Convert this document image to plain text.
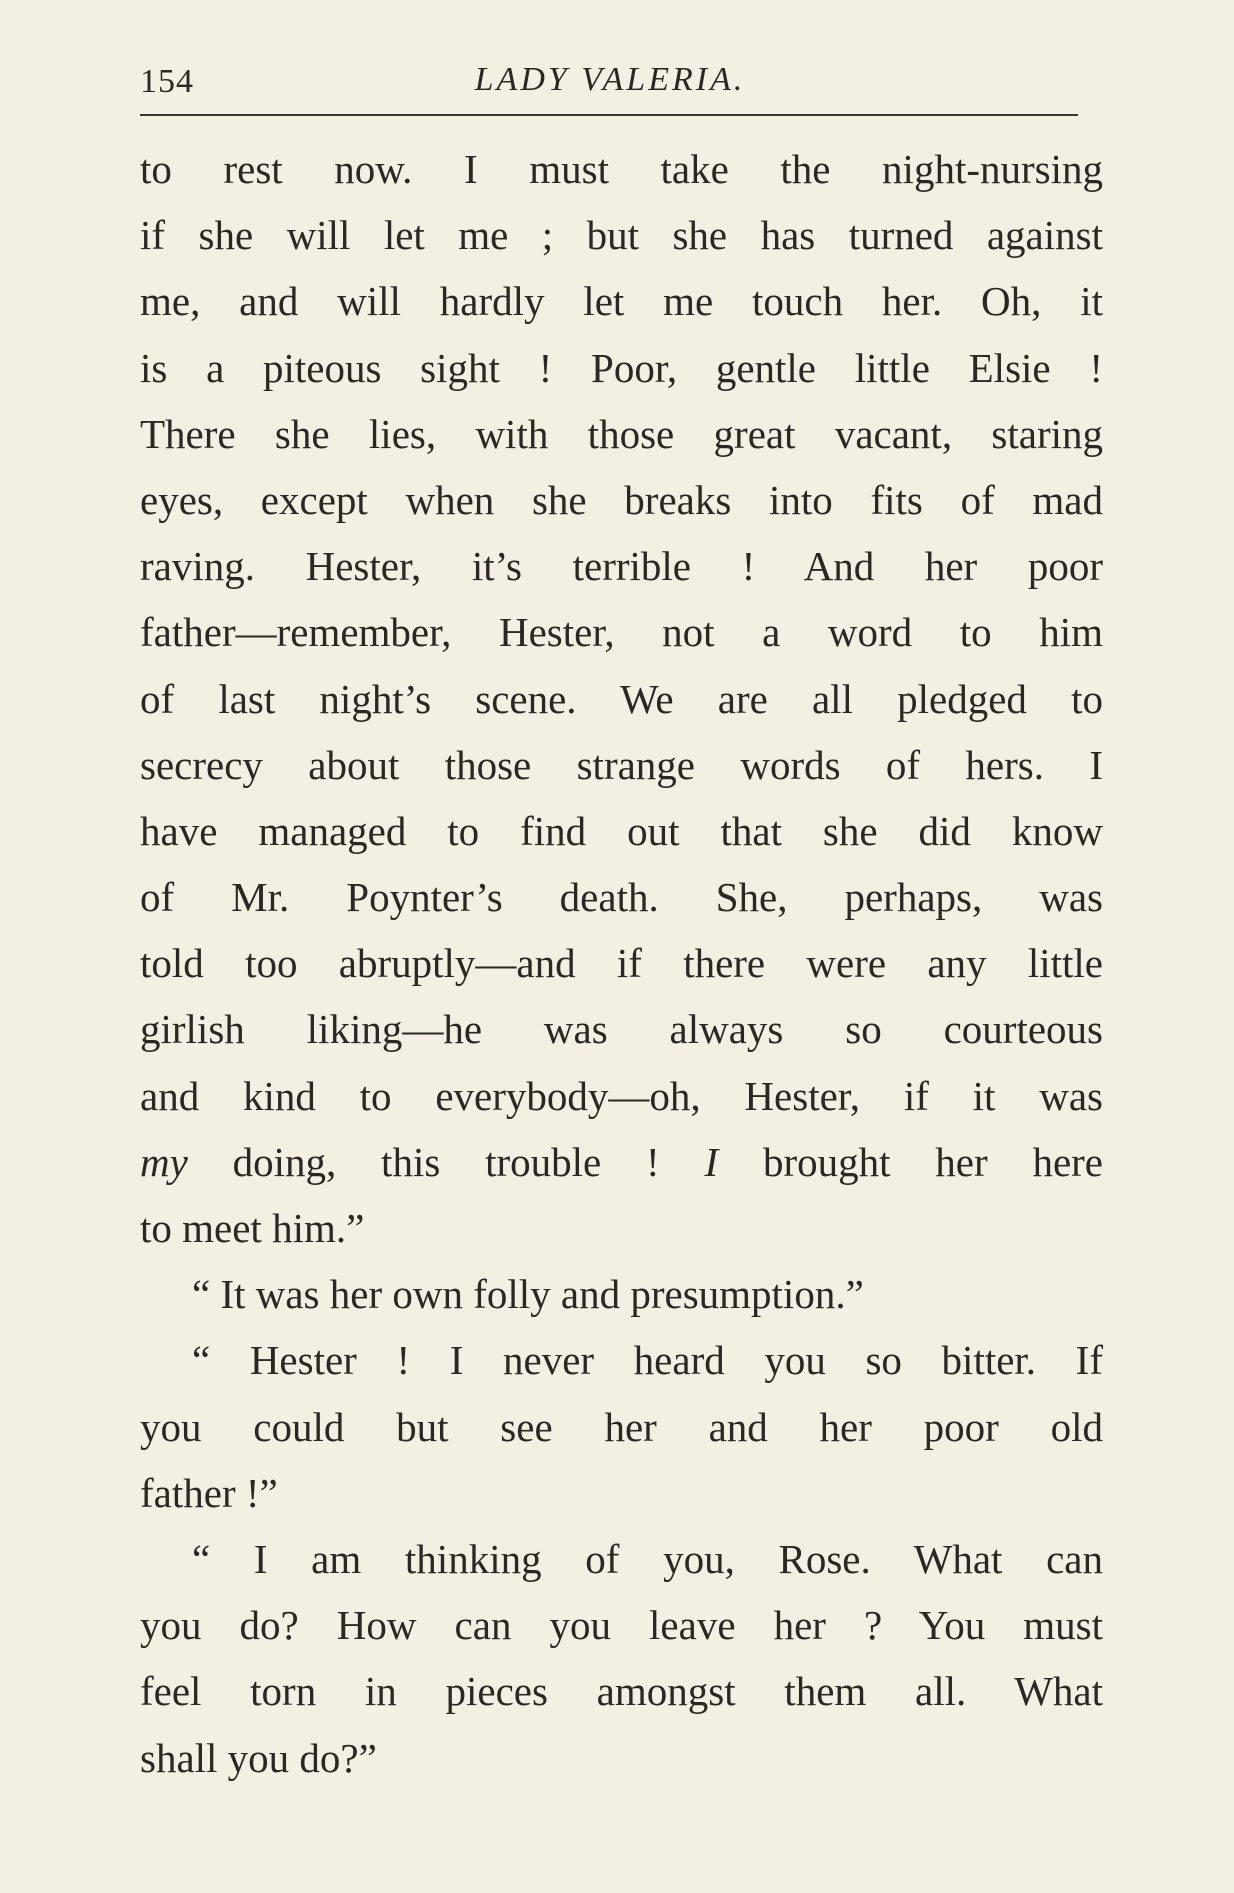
154	LADY VALERIA.
to rest now. I must take the night-nursing
if she will let me ; but she has turned against
me, and will hardly let me touch her. Oh, it
is a piteous sight ! Poor, gentle little Elsie !
There she lies, with those great vacant, staring
eyes, except when she breaks into fits of mad
raving. Hester, it’s terrible ! And her poor
father—remember, Hester, not a word to him
of last night’s scene. We are all pledged to
secrecy about those strange words of hers. I
have managed to find out that she did know
of Mr. Poynter’s death. She, perhaps, was
told too abruptly—and if there were any little
girlish liking—he was always so courteous
and kind to everybody—oh, Hester, if it was
my doing, this trouble ! I brought her here
to meet him.”
“ It was her own folly and presumption.”
“ Hester ! I never heard you so bitter. If
you could but see her and her poor old
father !”
“ I am thinking of you, Rose. What can
you do? How can you leave her ? You must
feel torn in pieces amongst them all. What
shall you do?”
